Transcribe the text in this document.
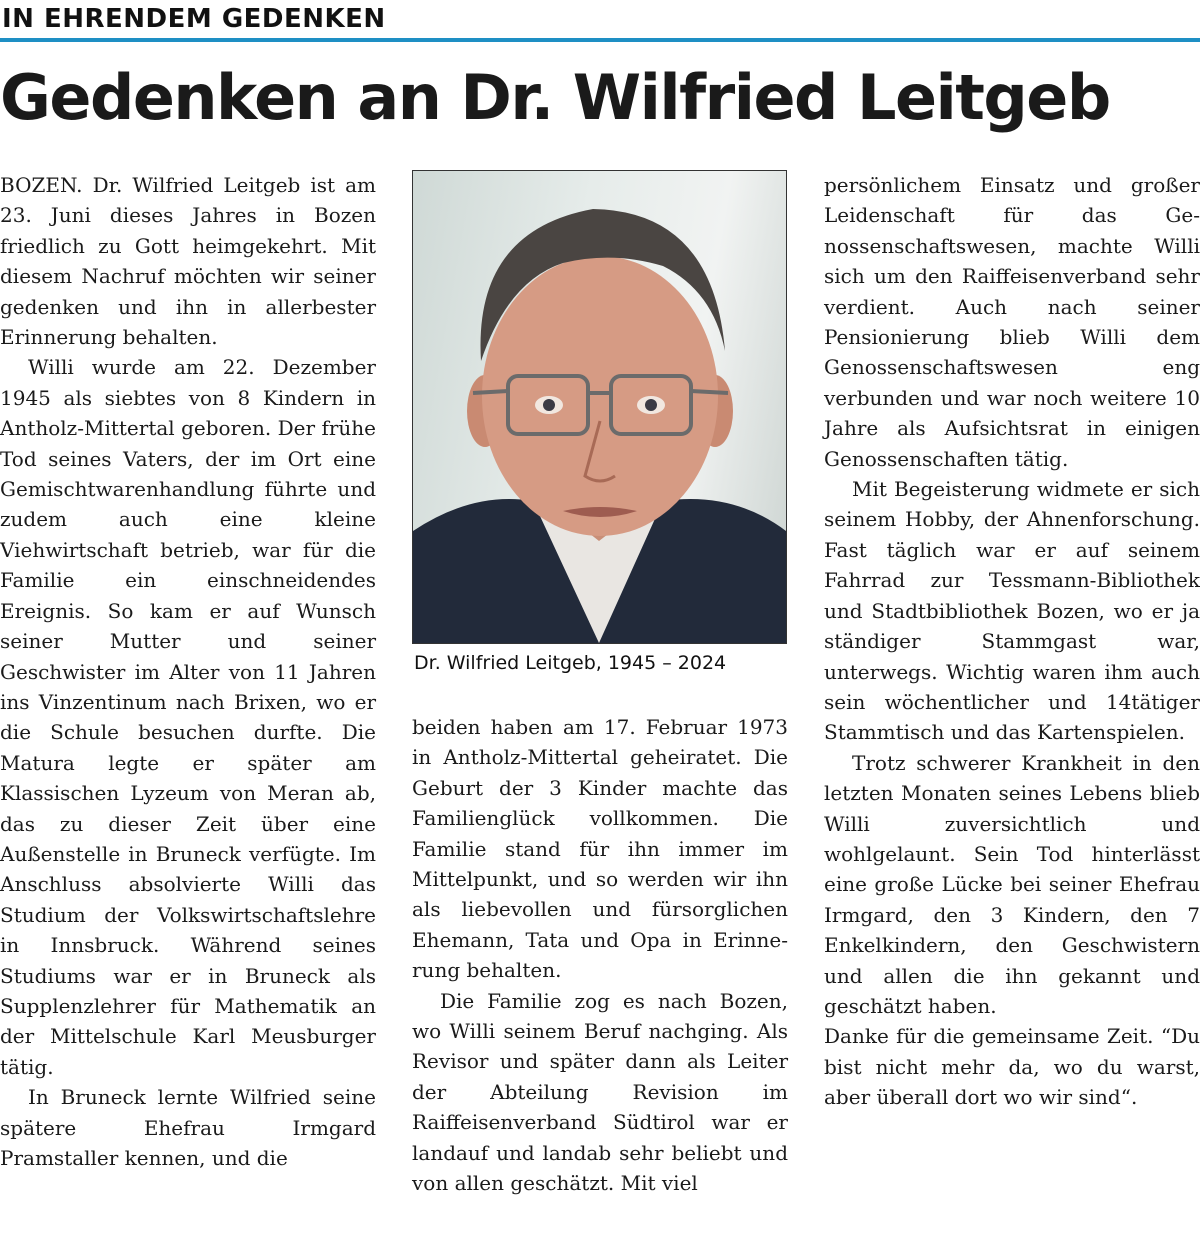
IN EHRENDEM GEDENKEN
Gedenken an Dr. Wilfried Leitgeb

BOZEN. Dr. Wilfried Leitgeb ist am 23. Juni dieses Jahres in Bozen friedlich zu Gott heimgekehrt. Mit diesem Nachruf möchten wir seiner gedenken und ihn in allerbester Erinnerung behalten.

Willi wurde am 22. Dezember 1945 als siebtes von 8 Kindern in Antholz-Mittertal geboren. Der frühe Tod seines Vaters, der im Ort eine Gemischtwarenhandlung führte und zudem auch eine kleine Viehwirtschaft betrieb, war für die Familie ein einschneidendes Ereignis. So kam er auf Wunsch seiner Mutter und seiner Geschwister im Alter von 11 Jahren ins Vinzentinum nach Brixen, wo er die Schule besuchen durfte. Die Matura legte er später am Klassischen Lyzeum von Meran ab, das zu dieser Zeit über eine Außenstelle in Bruneck verfügte. Im Anschluss absolvierte Willi das Studium der Volkswirtschaftslehre in Innsbruck. Während seines Studiums war er in Bruneck als Supplenzlehrer für Mathematik an der Mittelschule Karl Meusburger tätig.

In Bruneck lernte Wilfried seine spätere Ehefrau Irmgard Pramstaller kennen, und die

Dr. Wilfried Leitgeb, 1945 – 2024

beiden haben am 17. Februar 1973 in Antholz-Mittertal geheiratet. Die Geburt der 3 Kinder machte das Familienglück vollkommen. Die Familie stand für ihn immer im Mittelpunkt, und so werden wir ihn als liebevollen und fürsorglichen Ehemann, Tata und Opa in Erinnerung behalten.

Die Familie zog es nach Bozen, wo Willi seinem Beruf nachging. Als Revisor und später dann als Leiter der Abteilung Revision im Raiffeisenverband Südtirol war er landauf und landab sehr beliebt und von allen geschätzt. Mit viel

persönlichem Einsatz und großer Leidenschaft für das Genossenschaftswesen, machte Willi sich um den Raiffeisenverband sehr verdient. Auch nach seiner Pensionierung blieb Willi dem Genossenschaftswesen eng verbunden und war noch weitere 10 Jahre als Aufsichtsrat in einigen Genossenschaften tätig.

Mit Begeisterung widmete er sich seinem Hobby, der Ahnenforschung. Fast täglich war er auf seinem Fahrrad zur Tessmann-Bibliothek und Stadtbibliothek Bozen, wo er ja ständiger Stammgast war, unterwegs. Wichtig waren ihm auch sein wöchentlicher und 14tätiger Stammtisch und das Kartenspielen.

Trotz schwerer Krankheit in den letzten Monaten seines Lebens blieb Willi zuversichtlich und wohlgelaunt. Sein Tod hinterlässt eine große Lücke bei seiner Ehefrau Irmgard, den 3 Kindern, den 7 Enkelkindern, den Geschwistern und allen die ihn gekannt und geschätzt haben.

Danke für die gemeinsame Zeit. “Du bist nicht mehr da, wo du warst, aber überall dort wo wir sind“.
